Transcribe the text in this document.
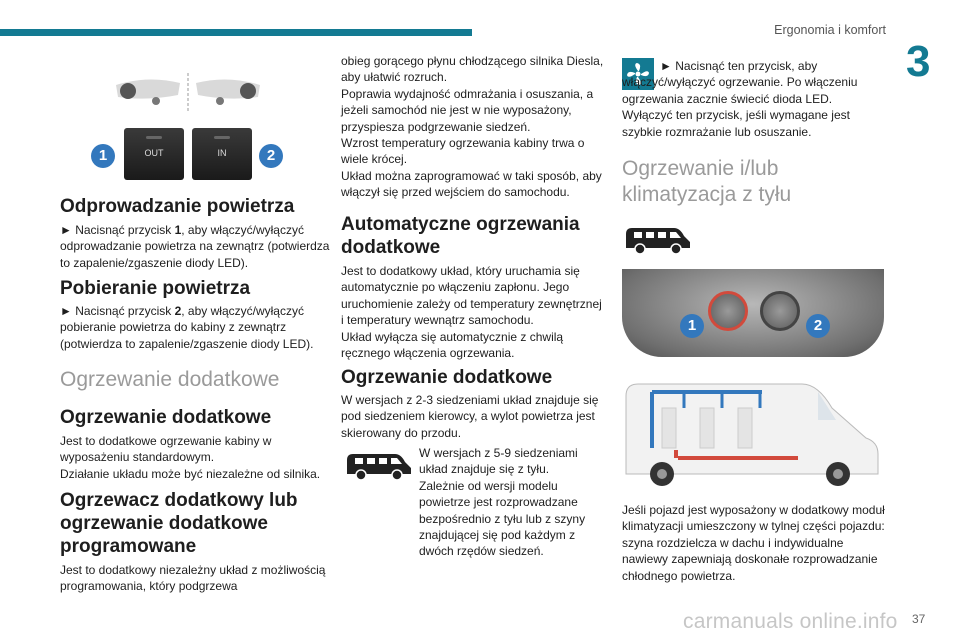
Ergonomia i komfort
3
37
carmanuals online.info
1	OUT	IN	2
Odprowadzanie powietrza
► Nacisnąć przycisk 1, aby włączyć/wyłączyć odprowadzanie powietrza na zewnątrz (potwierdza to zapalenie/zgaszenie diody LED).
Pobieranie powietrza
► Nacisnąć przycisk 2, aby włączyć/wyłączyć pobieranie powietrza do kabiny z zewnątrz (potwierdza to zapalenie/zgaszenie diody LED).
Ogrzewanie dodatkowe
Ogrzewanie dodatkowe
Jest to dodatkowe ogrzewanie kabiny w wyposażeniu standardowym.
Działanie układu może być niezależne od silnika.
Ogrzewacz dodatkowy lub ogrzewanie dodatkowe programowane
Jest to dodatkowy niezależny układ z możliwością programowania, który podgrzewa
obieg gorącego płynu chłodzącego silnika Diesla, aby ułatwić rozruch.
Poprawia wydajność odmrażania i osuszania, a jeżeli samochód nie jest w nie wyposażony, przyspiesza podgrzewanie siedzeń.
Wzrost temperatury ogrzewania kabiny trwa o wiele krócej.
Układ można zaprogramować w taki sposób, aby włączył się przed wejściem do samochodu.
Automatyczne ogrzewania dodatkowe
Jest to dodatkowy układ, który uruchamia się automatycznie po włączeniu zapłonu. Jego uruchomienie zależy od temperatury zewnętrznej i temperatury wewnątrz samochodu.
Układ wyłącza się automatycznie z chwilą ręcznego włączenia ogrzewania.
Ogrzewanie dodatkowe
W wersjach z 2-3 siedzeniami układ znajduje się pod siedzeniem kierowcy, a wylot powietrza jest skierowany do przodu.
W wersjach z 5-9 siedzeniami układ znajduje się z tyłu.
Zależnie od wersji modelu powietrze jest rozprowadzane bezpośrednio z tyłu lub z szyny znajdującej się pod każdym z dwóch rzędów siedzeń.
► Nacisnąć ten przycisk, aby włączyć/wyłączyć ogrzewanie. Po włączeniu ogrzewania zacznie świecić dioda LED.
Wyłączyć ten przycisk, jeśli wymagane jest szybkie rozmrażanie lub osuszanie.
Ogrzewanie i/lub klimatyzacja z tyłu
1	2
Jeśli pojazd jest wyposażony w dodatkowy moduł klimatyzacji umieszczony w tylnej części pojazdu: szyna rozdzielcza w dachu i indywidualne nawiewy zapewniają doskonałe rozprowadzanie chłodnego powietrza.
